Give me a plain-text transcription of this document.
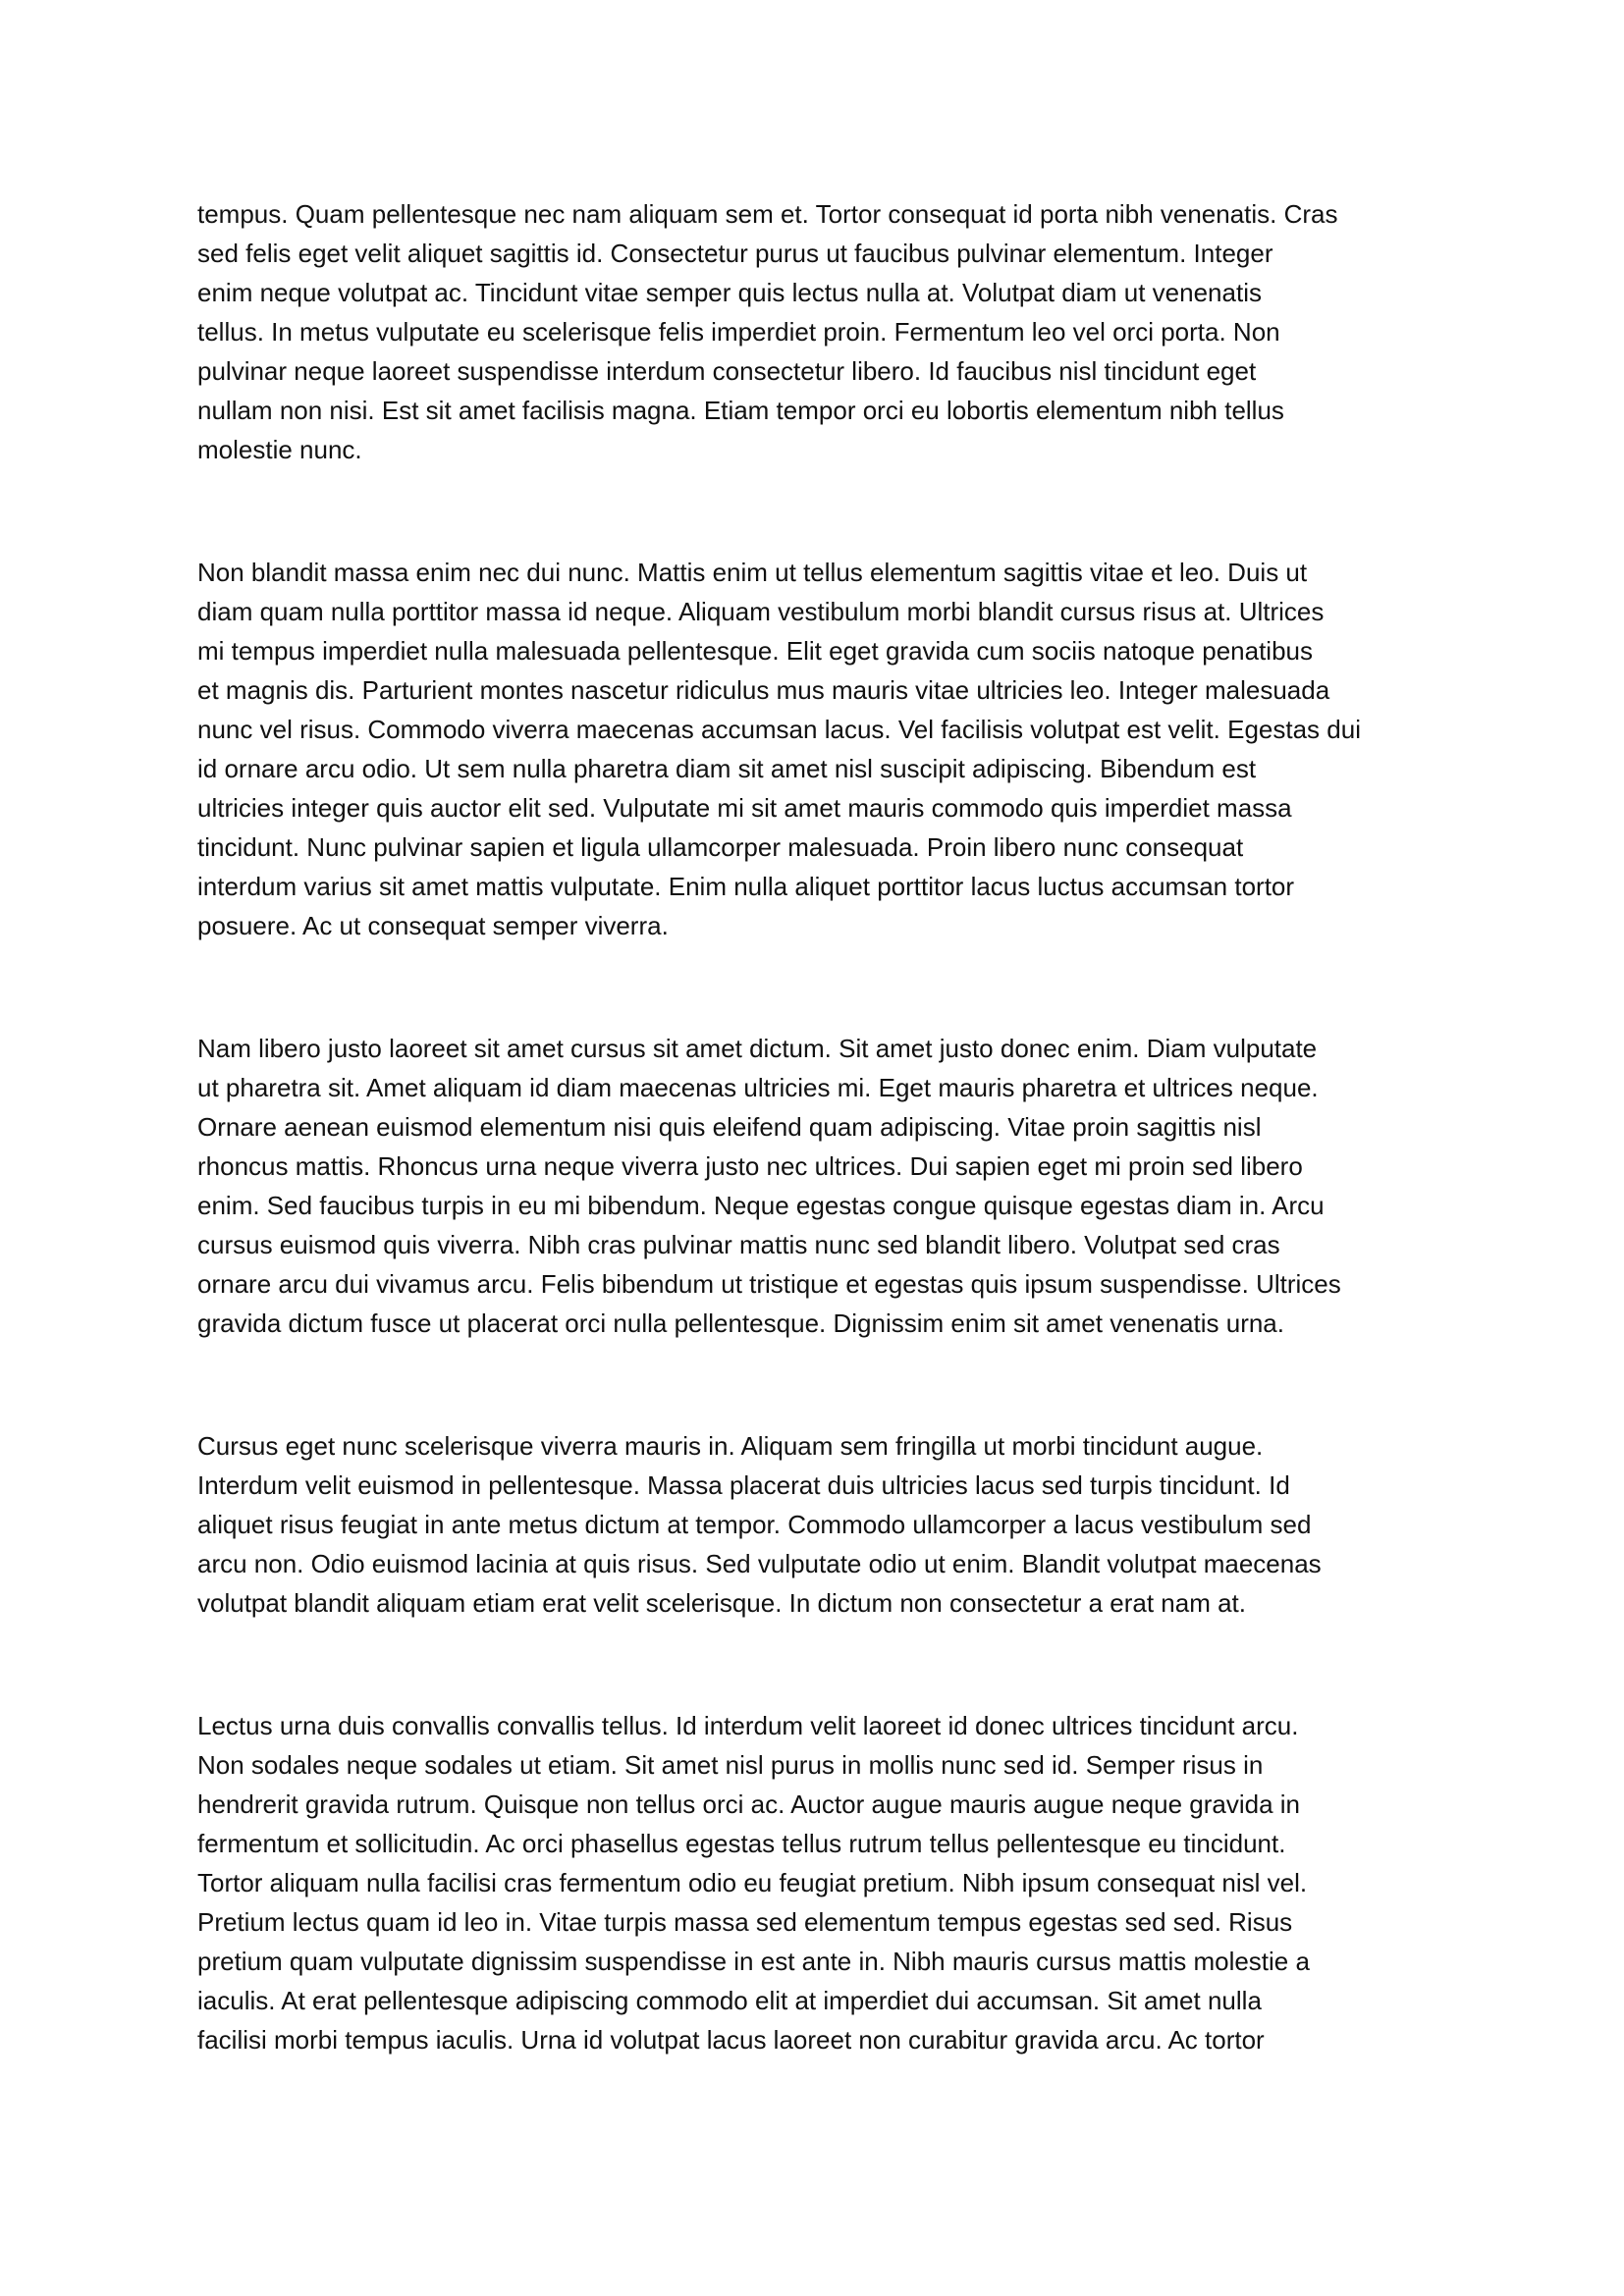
tempus. Quam pellentesque nec nam aliquam sem et. Tortor consequat id porta nibh venenatis. Cras
sed felis eget velit aliquet sagittis id. Consectetur purus ut faucibus pulvinar elementum. Integer
enim neque volutpat ac. Tincidunt vitae semper quis lectus nulla at. Volutpat diam ut venenatis
tellus. In metus vulputate eu scelerisque felis imperdiet proin. Fermentum leo vel orci porta. Non
pulvinar neque laoreet suspendisse interdum consectetur libero. Id faucibus nisl tincidunt eget
nullam non nisi. Est sit amet facilisis magna. Etiam tempor orci eu lobortis elementum nibh tellus
molestie nunc.

Non blandit massa enim nec dui nunc. Mattis enim ut tellus elementum sagittis vitae et leo. Duis ut
diam quam nulla porttitor massa id neque. Aliquam vestibulum morbi blandit cursus risus at. Ultrices
mi tempus imperdiet nulla malesuada pellentesque. Elit eget gravida cum sociis natoque penatibus
et magnis dis. Parturient montes nascetur ridiculus mus mauris vitae ultricies leo. Integer malesuada
nunc vel risus. Commodo viverra maecenas accumsan lacus. Vel facilisis volutpat est velit. Egestas dui
id ornare arcu odio. Ut sem nulla pharetra diam sit amet nisl suscipit adipiscing. Bibendum est
ultricies integer quis auctor elit sed. Vulputate mi sit amet mauris commodo quis imperdiet massa
tincidunt. Nunc pulvinar sapien et ligula ullamcorper malesuada. Proin libero nunc consequat
interdum varius sit amet mattis vulputate. Enim nulla aliquet porttitor lacus luctus accumsan tortor
posuere. Ac ut consequat semper viverra.

Nam libero justo laoreet sit amet cursus sit amet dictum. Sit amet justo donec enim. Diam vulputate
ut pharetra sit. Amet aliquam id diam maecenas ultricies mi. Eget mauris pharetra et ultrices neque.
Ornare aenean euismod elementum nisi quis eleifend quam adipiscing. Vitae proin sagittis nisl
rhoncus mattis. Rhoncus urna neque viverra justo nec ultrices. Dui sapien eget mi proin sed libero
enim. Sed faucibus turpis in eu mi bibendum. Neque egestas congue quisque egestas diam in. Arcu
cursus euismod quis viverra. Nibh cras pulvinar mattis nunc sed blandit libero. Volutpat sed cras
ornare arcu dui vivamus arcu. Felis bibendum ut tristique et egestas quis ipsum suspendisse. Ultrices
gravida dictum fusce ut placerat orci nulla pellentesque. Dignissim enim sit amet venenatis urna.

Cursus eget nunc scelerisque viverra mauris in. Aliquam sem fringilla ut morbi tincidunt augue.
Interdum velit euismod in pellentesque. Massa placerat duis ultricies lacus sed turpis tincidunt. Id
aliquet risus feugiat in ante metus dictum at tempor. Commodo ullamcorper a lacus vestibulum sed
arcu non. Odio euismod lacinia at quis risus. Sed vulputate odio ut enim. Blandit volutpat maecenas
volutpat blandit aliquam etiam erat velit scelerisque. In dictum non consectetur a erat nam at.

Lectus urna duis convallis convallis tellus. Id interdum velit laoreet id donec ultrices tincidunt arcu.
Non sodales neque sodales ut etiam. Sit amet nisl purus in mollis nunc sed id. Semper risus in
hendrerit gravida rutrum. Quisque non tellus orci ac. Auctor augue mauris augue neque gravida in
fermentum et sollicitudin. Ac orci phasellus egestas tellus rutrum tellus pellentesque eu tincidunt.
Tortor aliquam nulla facilisi cras fermentum odio eu feugiat pretium. Nibh ipsum consequat nisl vel.
Pretium lectus quam id leo in. Vitae turpis massa sed elementum tempus egestas sed sed. Risus
pretium quam vulputate dignissim suspendisse in est ante in. Nibh mauris cursus mattis molestie a
iaculis. At erat pellentesque adipiscing commodo elit at imperdiet dui accumsan. Sit amet nulla
facilisi morbi tempus iaculis. Urna id volutpat lacus laoreet non curabitur gravida arcu. Ac tortor
